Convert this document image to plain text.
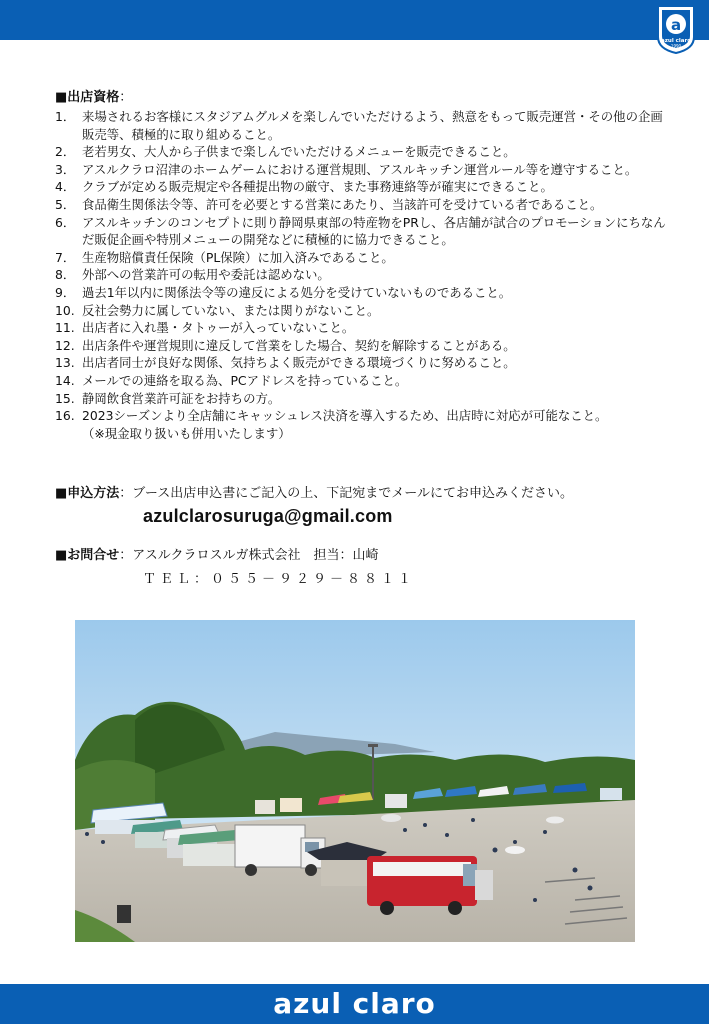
a
azul claro
1990
■出店資格：
1． 来場されるお客様にスタジアムグルメを楽しんでいただけるよう、熱意をもって販売運営・その他の企画販売等、積極的に取り組めること。
2． 老若男女、大人から子供まで楽しんでいただけるメニューを販売できること。
3． アスルクラロ沼津のホームゲームにおける運営規則、アスルキッチン運営ルール等を遵守すること。
4． クラブが定める販売規定や各種提出物の厳守、また事務連絡等が確実にできること。
5． 食品衛生関係法令等、許可を必要とする営業にあたり、当該許可を受けている者であること。
6． アスルキッチンのコンセプトに則り静岡県東部の特産物をPRし、各店舗が試合のプロモーションにちなんだ販促企画や特別メニューの開発などに積極的に協力できること。
7． 生産物賠償責任保険（PL保険）に加入済みであること。
8． 外部への営業許可の転用や委託は認めない。
9． 過去1年以内に関係法令等の違反による処分を受けていないものであること。
10. 反社会勢力に属していない、または関りがないこと。
11. 出店者に入れ墨・タトゥーが入っていないこと。
12. 出店条件や運営規則に違反して営業をした場合、契約を解除することがある。
13. 出店者同士が良好な関係、気持ちよく販売ができる環境づくりに努めること。
14. メールでの連絡を取る為、PCアドレスを持っていること。
15. 静岡飲食営業許可証をお持ちの方。
16. 2023シーズンより全店舗にキャッシュレス決済を導入するため、出店時に対応が可能なこと。
（※現金取り扱いも併用いたします）
■申込方法：ブース出店申込書にご記入の上、下記宛までメールにてお申込みください。
azulclarosuruga@gmail.com
■お問合せ：アスルクラロスルガ株式会社　担当：山崎
ＴＥＬ：０５５－９２９－８８１１
azul claro
